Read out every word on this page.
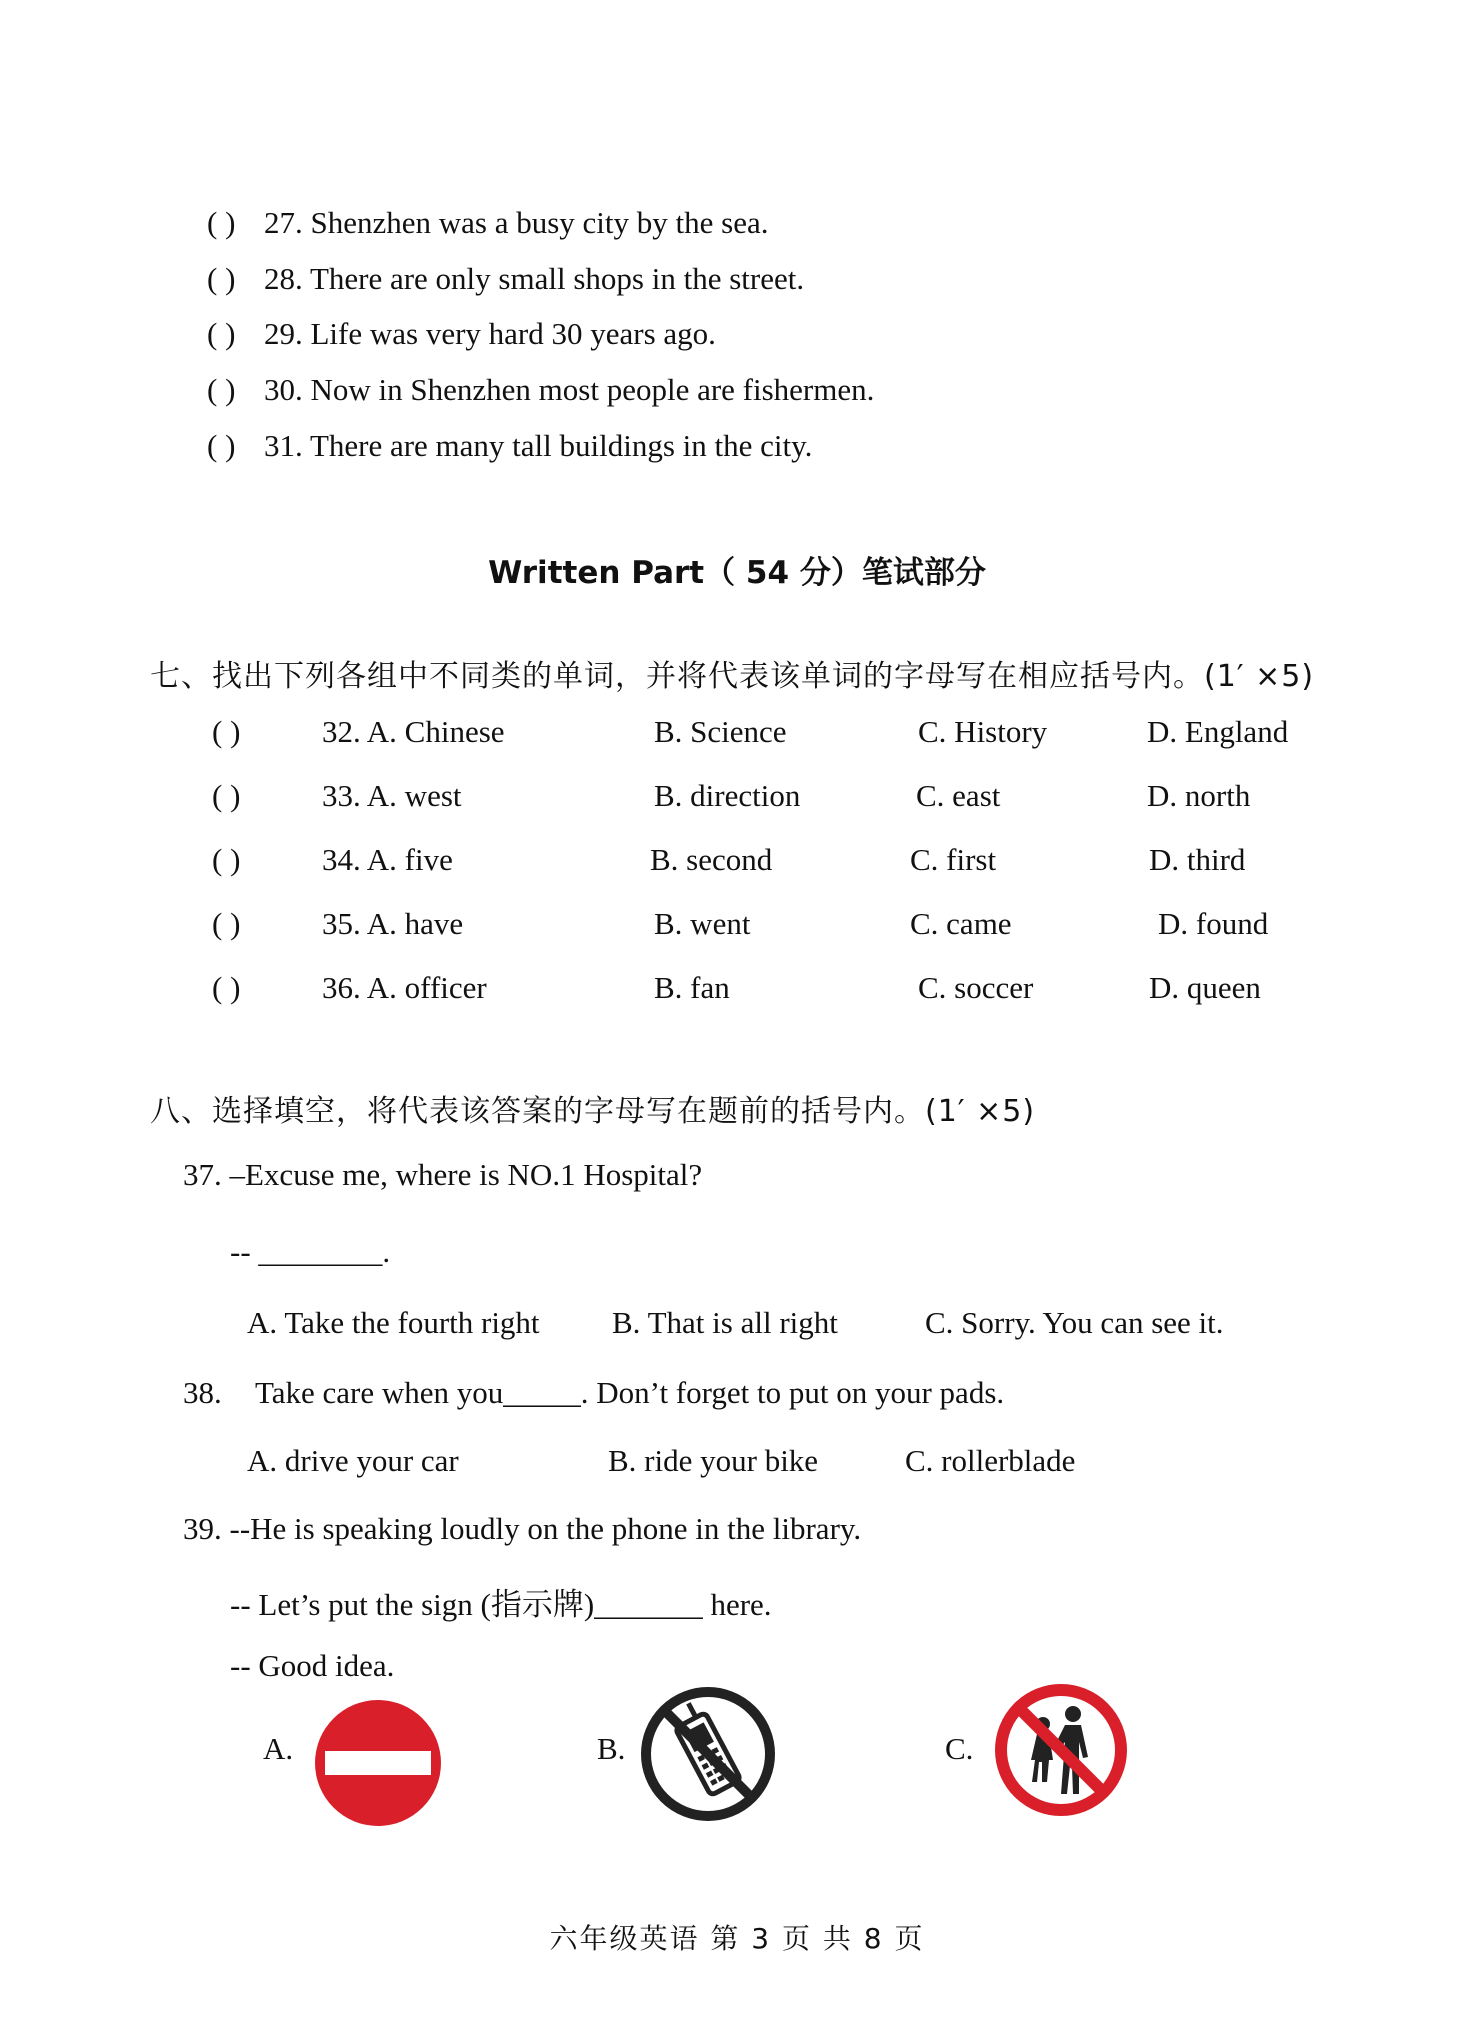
( ) 27. Shenzhen was a busy city by the sea.
( ) 28. There are only small shops in the street.
( ) 29. Life was very hard 30 years ago.
( ) 30. Now in Shenzhen most people are fishermen.
( ) 31. There are many tall buildings in the city.
Written Part（ 54 分）笔试部分
七、找出下列各组中不同类的单词，并将代表该单词的字母写在相应括号内。(1′ ×5)
( )	32. A. Chinese	B. Science	C. History	D. England
( )	33. A. west	B. direction	C. east	D. north
( )	34. A. five	B. second	C. first	D. third
( )	35. A. have	B. went	C. came	D. found
( )	36. A. officer	B. fan	C. soccer	D. queen
八、选择填空，将代表该答案的字母写在题前的括号内。(1′ ×5)
37. –Excuse me, where is NO.1 Hospital?
-- ________.
A. Take the fourth right B. That is all right	C. Sorry. You can see it.
38. Take care when you_____. Don’t forget to put on your pads.
A. drive your car	B. ride your bike	C. rollerblade
39. --He is speaking loudly on the phone in the library.
-- Let’s put the sign (指示牌)_______ here.
-- Good idea.
A.	B.	C.
六年级英语 第 3 页 共 8 页
